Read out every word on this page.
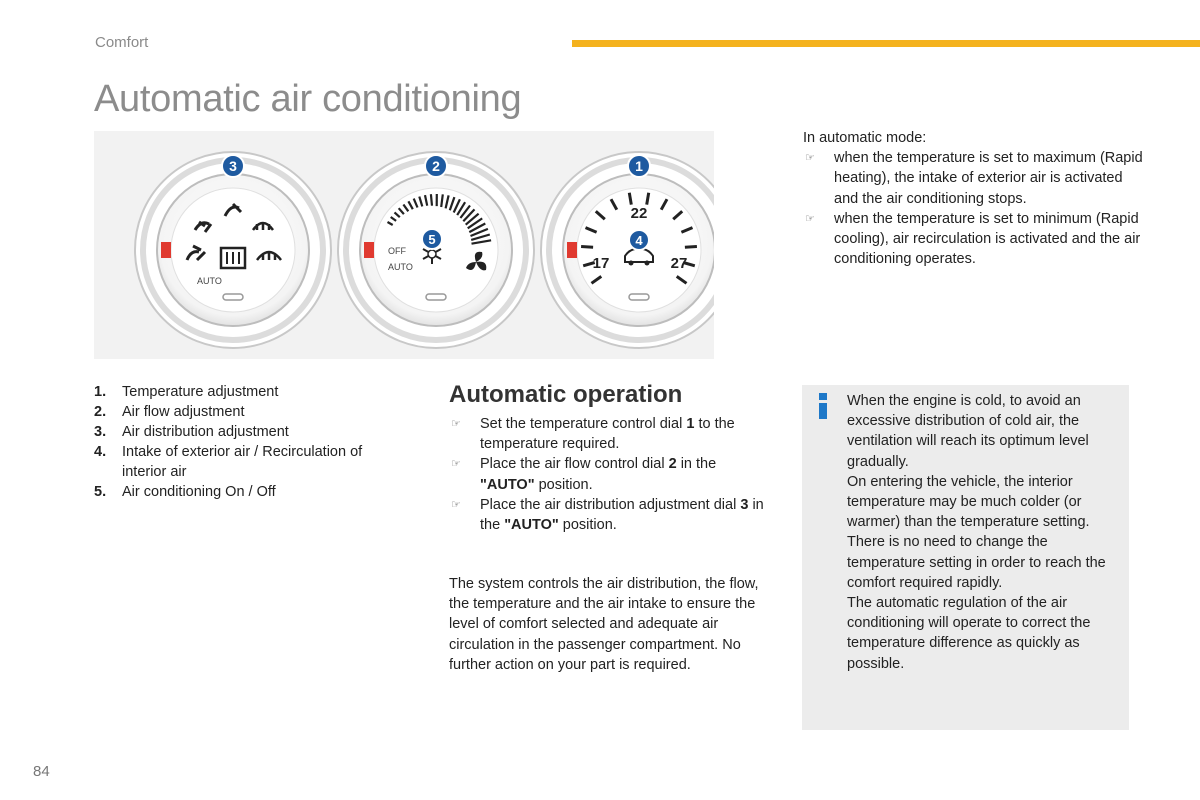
Comfort
Automatic air conditioning
AUTO
3
OFF
AUTO
5
2
22
17	27
4
1
1.	Temperature adjustment
2.	Air flow adjustment
3.	Air distribution adjustment
4.	Intake of exterior air / Recirculation of interior air
5.	Air conditioning On / Off
In automatic mode:
☞	when the temperature is set to maximum (Rapid heating), the intake of exterior air is activated and the air conditioning stops.
☞	when the temperature is set to minimum (Rapid cooling), air recirculation is activated and the air conditioning operates.
Automatic operation
☞	Set the temperature control dial 1 to the temperature required.
☞	Place the air flow control dial 2 in the "AUTO" position.
☞	Place the air distribution adjustment dial 3 in the "AUTO" position.
The system controls the air distribution, the flow, the temperature and the air intake to ensure the level of comfort selected and adequate air circulation in the passenger compartment. No further action on your part is required.
When the engine is cold, to avoid an excessive distribution of cold air, the ventilation will reach its optimum level gradually.
On entering the vehicle, the interior temperature may be much colder (or warmer) than the temperature setting. There is no need to change the temperature setting in order to reach the comfort required rapidly.
The automatic regulation of the air conditioning will operate to correct the temperature difference as quickly as possible.
84
